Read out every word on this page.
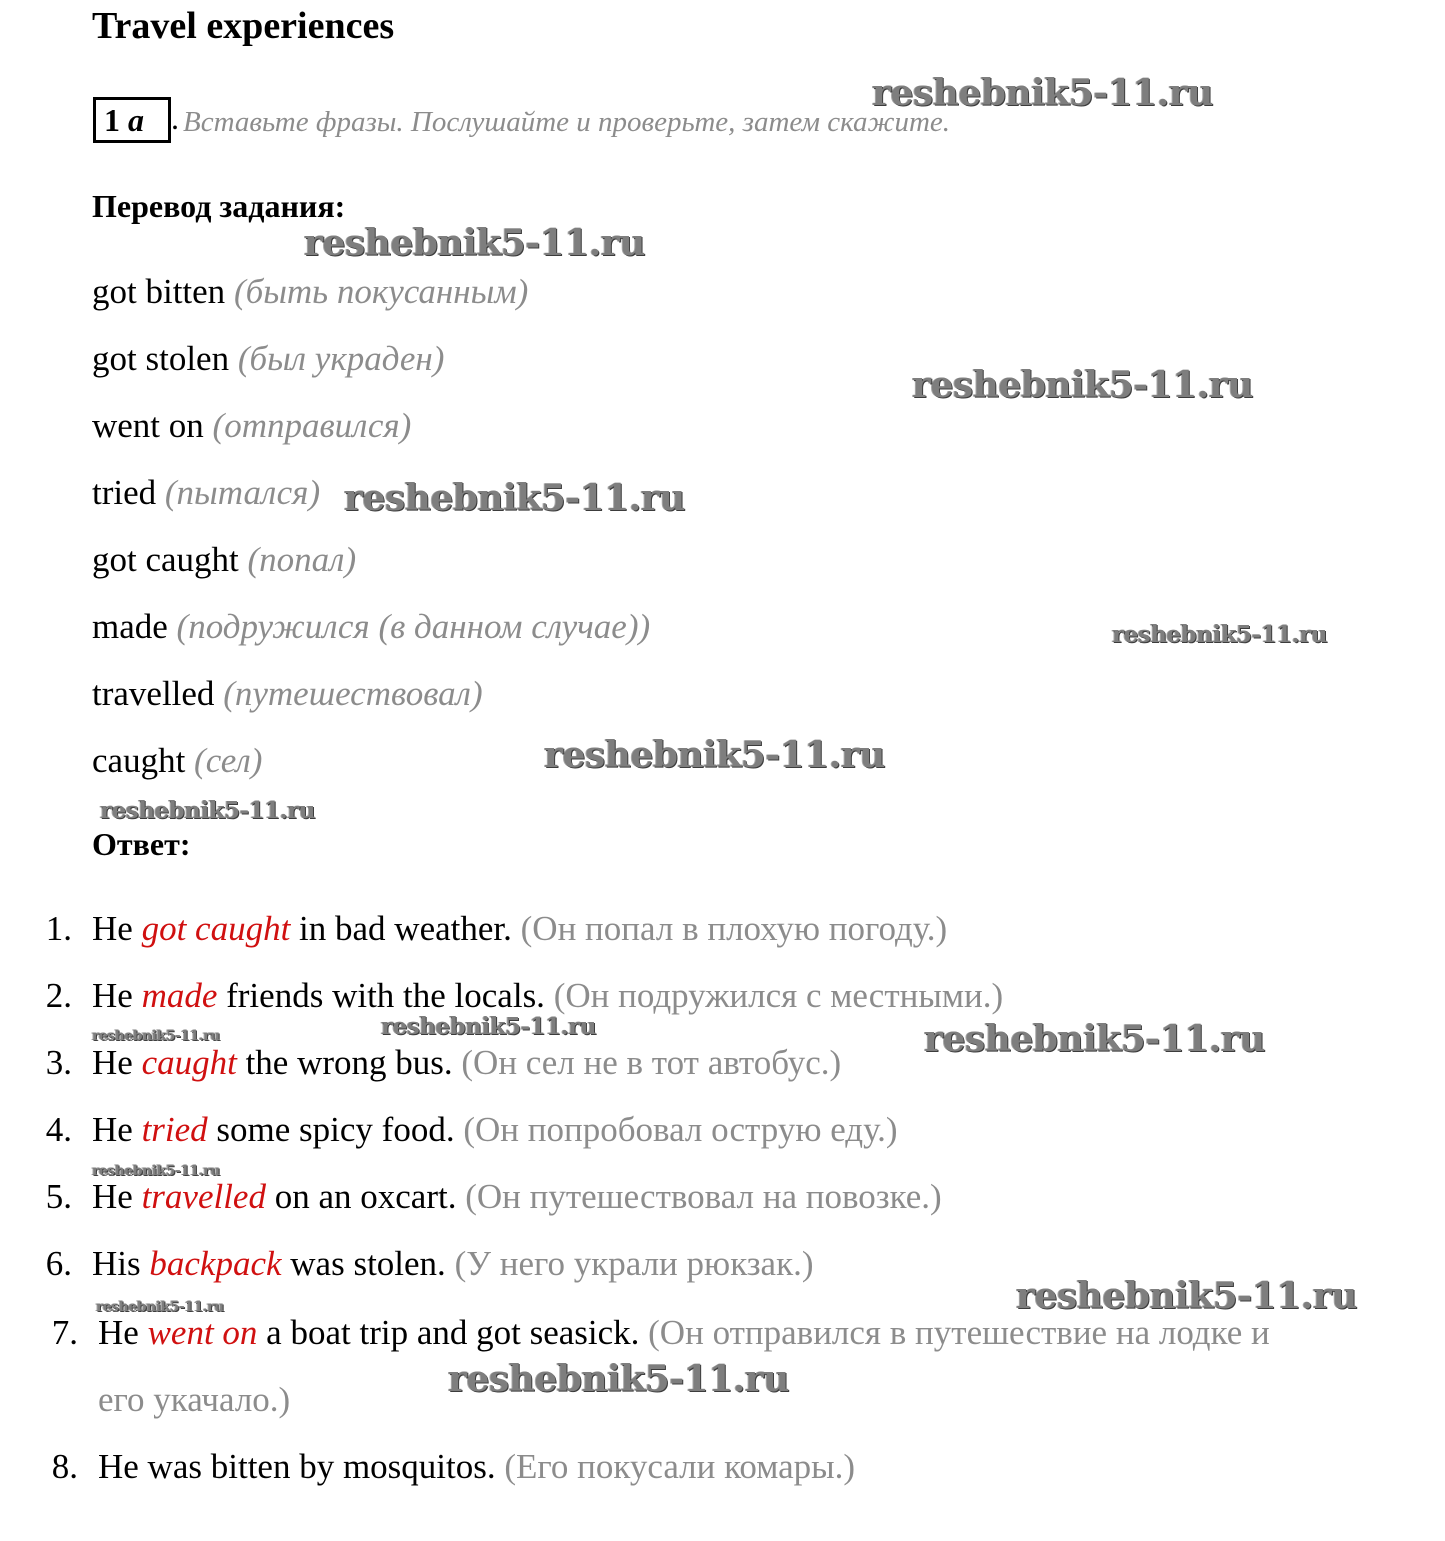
Travel experiences
1 a . Вставьте фразы. Послушайте и проверьте, затем скажите.
Перевод задания:
got bitten (быть покусанным)
got stolen (был украден)
went on (отправился)
tried (пытался)
got caught (попал)
made (подружился (в данном случае))
travelled (путешествовал)
caught (сел)
Ответ:
1. He got caught in bad weather. (Он попал в плохую погоду.)
2. He made friends with the locals. (Он подружился с местными.)
3. He caught the wrong bus. (Он сел не в тот автобус.)
4. He tried some spicy food. (Он попробовал острую еду.)
5. He travelled on an oxcart. (Он путешествовал на повозке.)
6. His backpack was stolen. (У него украли рюкзак.)
7. He went on a boat trip and got seasick. (Он отправился в путешествие на лодке и
его укачало.)
8. He was bitten by mosquitos. (Его покусали комары.)
reshebnik5-11.ru
reshebnik5-11.ru
reshebnik5-11.ru
reshebnik5-11.ru
reshebnik5-11.ru
reshebnik5-11.ru
reshebnik5-11.ru
reshebnik5-11.ru	reshebnik5-11.ru	reshebnik5-11.ru
reshebnik5-11.ru
reshebnik5-11.ru
reshebnik5-11.ru
reshebnik5-11.ru
